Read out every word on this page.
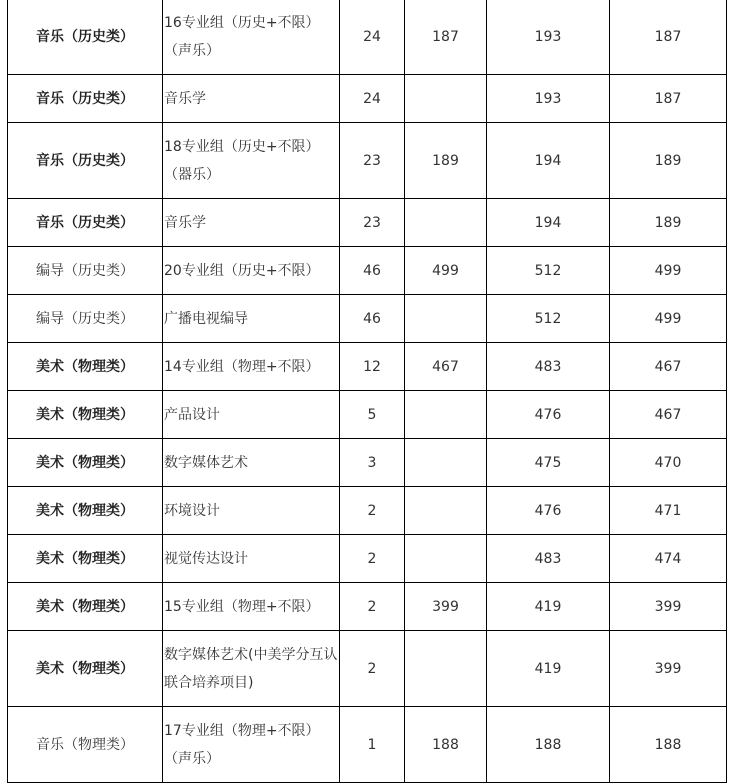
音乐（历史类）	16专业组（历史+不限）（声乐）	24	187	193	187
音乐（历史类）	音乐学	24		193	187
音乐（历史类）	18专业组（历史+不限）（器乐）	23	189	194	189
音乐（历史类）	音乐学	23		194	189
编导（历史类）	20专业组（历史+不限）	46	499	512	499
编导（历史类）	广播电视编导	46		512	499
美术（物理类）	14专业组（物理+不限）	12	467	483	467
美术（物理类）	产品设计	5		476	467
美术（物理类）	数字媒体艺术	3		475	470
美术（物理类）	环境设计	2		476	471
美术（物理类）	视觉传达设计	2		483	474
美术（物理类）	15专业组（物理+不限）	2	399	419	399
美术（物理类）	数字媒体艺术(中美学分互认联合培养项目)	2		419	399
音乐（物理类）	17专业组（物理+不限）（声乐）	1	188	188	188
